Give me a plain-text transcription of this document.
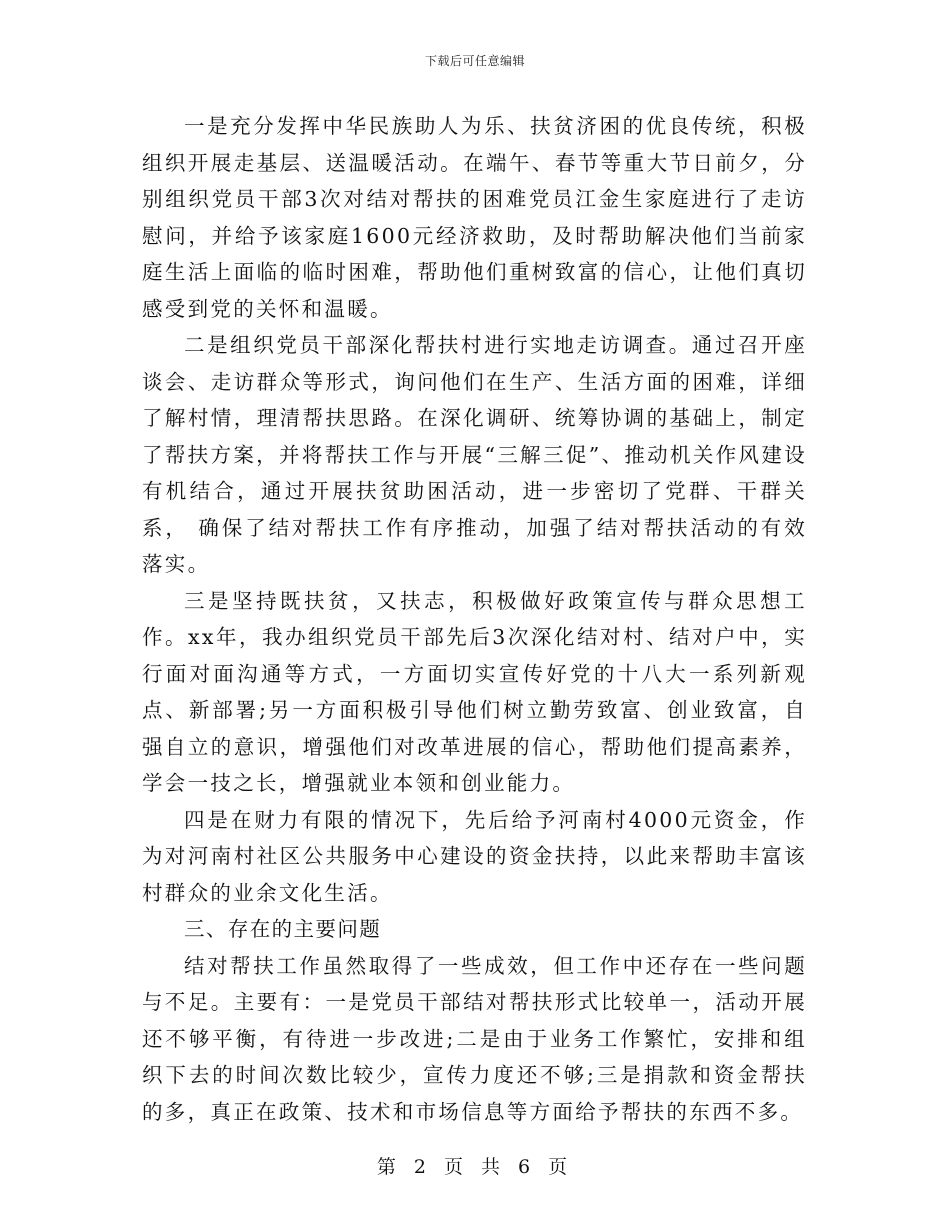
下载后可任意编辑

一是充分发挥中华民族助人为乐、扶贫济困的优良传统，积极组织开展走基层、送温暖活动。在端午、春节等重大节日前夕，分别组织党员干部3次对结对帮扶的困难党员江金生家庭进行了走访慰问，并给予该家庭1600元经济救助，及时帮助解决他们当前家庭生活上面临的临时困难，帮助他们重树致富的信心，让他们真切感受到党的关怀和温暖。

二是组织党员干部深化帮扶村进行实地走访调查。通过召开座谈会、走访群众等形式，询问他们在生产、生活方面的困难，详细了解村情，理清帮扶思路。在深化调研、统筹协调的基础上，制定了帮扶方案，并将帮扶工作与开展“三解三促”、推动机关作风建设有机结合，通过开展扶贫助困活动，进一步密切了党群、干群关系， 确保了结对帮扶工作有序推动，加强了结对帮扶活动的有效落实。

三是坚持既扶贫，又扶志，积极做好政策宣传与群众思想工作。xx年，我办组织党员干部先后3次深化结对村、结对户中，实行面对面沟通等方式，一方面切实宣传好党的十八大一系列新观点、新部署;另一方面积极引导他们树立勤劳致富、创业致富，自强自立的意识，增强他们对改革进展的信心，帮助他们提高素养，学会一技之长，增强就业本领和创业能力。

四是在财力有限的情况下，先后给予河南村4000元资金，作为对河南村社区公共服务中心建设的资金扶持，以此来帮助丰富该村群众的业余文化生活。

三、存在的主要问题

结对帮扶工作虽然取得了一些成效，但工作中还存在一些问题与不足。主要有：一是党员干部结对帮扶形式比较单一，活动开展还不够平衡，有待进一步改进;二是由于业务工作繁忙，安排和组织下去的时间次数比较少，宣传力度还不够;三是捐款和资金帮扶的多，真正在政策、技术和市场信息等方面给予帮扶的东西不多。

第 2 页 共 6 页
